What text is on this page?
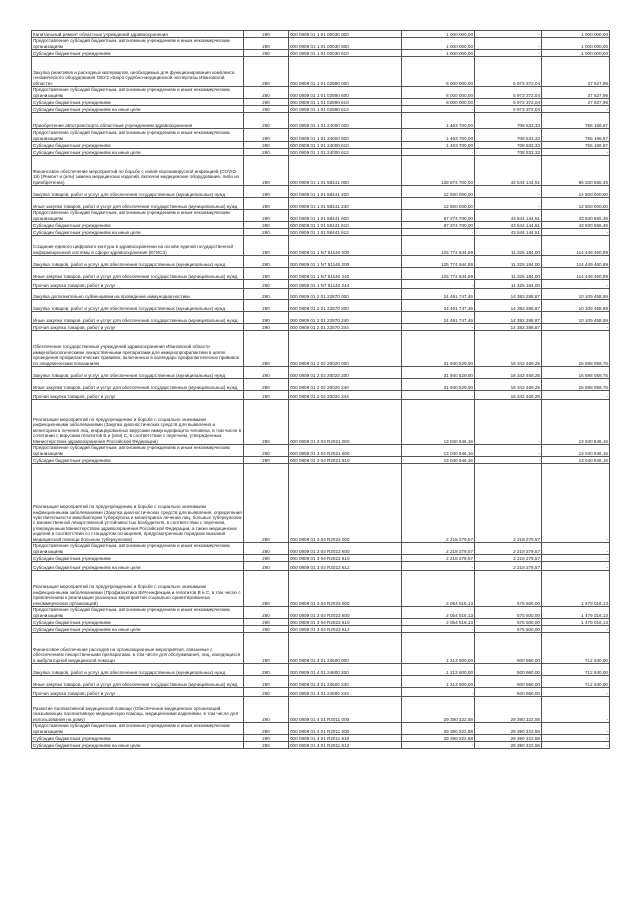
Капитальный ремонт областных учреждений здравоохранения	290	000 0909 01 1 01 00030 000	1 000 000,00	-	1 000 000,00
Предоставление субсидий бюджетным, автономным учреждениям и иным некоммерческим организациям	290	000 0909 01 1 01 00030 600	1 000 000,00	-	1 000 000,00
Субсидии бюджетным учреждениям	290	000 0909 01 1 01 00030 610	1 000 000,00	-	1 000 000,00
Закупка реактивов и расходных материалов, необходимых для функционирования комплекса геномического оборудования ОБУЗ «Бюро судебно-медицинской экспертизы Ивановской области»	290	000 0909 01 1 01 02890 000	6 000 000,00	5 972 372,04	27 627,96
Предоставление субсидий бюджетным, автономным учреждениям и иным некоммерческим организациям	290	000 0909 01 1 01 02890 600	6 000 000,00	5 972 372,04	27 627,96
Субсидии бюджетным учреждениям	290	000 0909 01 1 01 02890 610	6 000 000,00	5 972 372,04	27 627,96
Субсидии бюджетным учреждениям на иные цели	290	000 0909 01 1 01 02890 612	-	5 972 372,04	-
Приобретение автотранспорта областным учреждениям здравоохранения	290	000 0909 01 1 01 24000 000	1 463 700,00	708 533,33	755 166,67
Предоставление субсидий бюджетным, автономным учреждениям и иным некоммерческим организациям	290	000 0909 01 1 01 24000 600	1 463 700,00	708 533,33	755 166,67
Субсидии бюджетным учреждениям	290	000 0909 01 1 01 24000 610	1 463 700,00	708 533,33	755 166,67
Субсидии бюджетным учреждениям на иные цели	290	000 0909 01 1 01 24000 612	-	708 533,33	-
Финансовое обеспечение мероприятий по борьбе с новой коронавирусной инфекцией (COVID-19) (Ремонт и (или) замена медицинских изделий, включая медицинские оборудование, либо их приобретение)	290	000 0909 01 1 01 58441 000	139 874 700,00	43 544 144,51	96 330 555,49
Закупка товаров, работ и услуг для обеспечения государственных (муниципальных) нужд	290	000 0909 01 1 01 58441 200	12 500 000,00	-	12 500 000,00
Иные закупки товаров, работ и услуг для обеспечения государственных (муниципальных) нужд	290	000 0909 01 1 01 58441 240	12 500 000,00	-	12 500 000,00
Предоставление субсидий бюджетным, автономным учреждениям и иным некоммерческим организациям	290	000 0909 01 1 01 58441 600	87 374 700,00	43 544 144,51	43 830 555,49
Субсидии бюджетным учреждениям	290	000 0909 01 1 01 58441 610	87 374 700,00	43 544 144,51	43 830 555,49
Субсидии бюджетным учреждениям на иные цели	290	000 0909 01 1 01 58441 612	-	43 544 144,51	-
Создание единого цифрового контура в здравоохранении на основе единой государственной информационной системы в сфере здравоохранения (ЕГИСЗ)	290	000 0909 01 1 N7 51140 000	125 774 644,89	11 325 184,00	114 449 460,89
Закупка товаров, работ и услуг для обеспечения государственных (муниципальных) нужд	290	000 0909 01 1 N7 51140 200	125 774 644,89	11 325 184,00	114 449 460,89
Иные закупки товаров, работ и услуг для обеспечения государственных (муниципальных) нужд	290	000 0909 01 1 N7 51140 240	125 774 644,89	11 325 184,00	114 449 460,89
Прочая закупка товаров, работ и услуг	290	000 0909 01 1 N7 51140 244	-	11 325 184,00	-
Закупка дополнительно субвенциями на проведение иммунодиагностики	290	000 0909 01 2 01 22870 000	24 491 747,46	14 382 288,87	10 109 458,59
Закупка товаров, работ и услуг для обеспечения государственных (муниципальных) нужд	290	000 0909 01 2 01 22870 200	24 491 747,46	14 382 288,87	10 109 458,59
Иные закупки товаров, работ и услуг для обеспечения государственных (муниципальных) нужд	290	000 0909 01 2 01 22870 240	24 491 747,46	14 382 288,87	10 109 458,59
Прочая закупка товаров, работ и услуг	290	000 0909 01 2 01 22870 244	-	14 382 288,87	-
Обеспечение государственных учреждений здравоохранения Ивановской области иммунобиологическими лекарственными препаратами для иммунопрофилактики в целях проведения профилактических прививок, включенных в календарь профилактических прививок по эпидемическим показаниям	290	000 0909 01 2 02 20020 000	31 940 529,00	16 342 469,25	15 598 059,75
Закупка товаров, работ и услуг для обеспечения государственных (муниципальных) нужд	290	000 0909 01 2 02 20020 200	31 940 529,00	16 342 469,25	15 598 059,75
Иные закупки товаров, работ и услуг для обеспечения государственных (муниципальных) нужд	290	000 0909 01 2 02 20020 240	31 940 529,00	16 342 469,25	15 598 059,75
Прочая закупка товаров, работ и услуг	290	000 0909 01 2 02 20020 244	-	16 342 469,25	-
Реализация мероприятий по предупреждению и борьбе с социально значимыми инфекционными заболеваниями (Закупка диагностических средств для выявления и мониторинга лечения лиц, инфицированных вирусами иммунодефицита человека, в том числе в сочетании с вирусами гепатитов В и (или) С, в соответствии с перечнем, утвержденным Министерством здравоохранения Российской Федерации)	290	000 0909 01 3 04 R2021 000	13 040 646,16	-	13 040 646,16
Предоставление субсидий бюджетным, автономным учреждениям и иным некоммерческим организациям	290	000 0909 01 3 04 R2021 600	13 040 646,16	-	13 040 646,16
Субсидии бюджетным учреждениям	290	000 0909 01 3 04 R2021 610	13 040 646,16	-	13 040 646,16
Реализация мероприятий по предупреждению и борьбе с социально значимыми инфекционными заболеваниями (Закупка диагностических средств для выявления, определения чувствительности микобактерии туберкулеза и мониторинга лечения лиц, больных туберкулезом с множественной лекарственной устойчивостью возбудителя, в соответствии с перечнем, утвержденным Министерством здравоохранения Российской Федерации, а также медицинских изделий в соответствии со стандартом оснащения, предусмотренным порядком оказания медицинской помощи больным туберкулезом)	290	000 0909 01 3 04 R2022 000	2 218 279,57	2 218 279,57	-
Предоставление субсидий бюджетным, автономным учреждениям и иным некоммерческим организациям	290	000 0909 01 3 04 R2022 600	2 218 279,57	2 218 279,57	-
Субсидии бюджетным учреждениям	290	000 0909 01 3 04 R2022 610	2 218 279,57	2 218 279,57	-
Субсидии бюджетным учреждениям на иные цели	290	000 0909 01 3 04 R2022 612	-	2 218 279,57	-
Реализация мероприятий по предупреждению и борьбе с социально значимыми инфекционными заболеваниями (Профилактика ВИЧ-инфекции и гепатитов В и С, в том числе с привлечением к реализации указанных мероприятий социально ориентированных некоммерческих организаций)	290	000 0909 01 3 04 R2023 000	2 054 516,13	575 500,00	1 479 016,13
Предоставление субсидий бюджетным, автономным учреждениям и иным некоммерческим организациям	290	000 0909 01 3 04 R2023 600	2 054 516,13	575 500,00	1 479 016,13
Субсидии бюджетным учреждениям	290	000 0909 01 3 04 R2023 610	2 054 516,13	575 500,00	1 479 016,13
Субсидии бюджетным учреждениям на иные цели	290	000 0909 01 3 04 R2023 612	-	575 500,00	-
Финансовое обеспечение расходов на организационные мероприятия, связанные с обеспечением лекарственными препаратами, в том числе для обслуживания, лиц, находящихся в амбулаторной медицинской помощи	290	000 0909 01 4 01 24600 000	1 213 600,00	500 960,00	712 640,00
Закупка товаров, работ и услуг для обеспечения государственных (муниципальных) нужд	290	000 0909 01 4 01 24600 200	1 213 600,00	500 960,00	712 640,00
Иные закупки товаров, работ и услуг для обеспечения государственных (муниципальных) нужд	290	000 0909 01 4 01 24600 240	1 213 600,00	500 960,00	712 640,00
Прочая закупка товаров, работ и услуг	290	000 0909 01 4 01 24600 244	-	500 960,00	-
Развитие паллиативной медицинской помощи (Обеспечение медицинских организаций, оказывающих паллиативную медицинскую помощь, медицинскими изделиями, в том числе для использования на дому)	290	000 0909 01 4 01 R2011 000	29 390 322,58	29 390 322,58	-
Предоставление субсидий бюджетным, автономным учреждениям и иным некоммерческим организациям	290	000 0909 01 4 01 R2011 600	29 390 322,58	29 390 322,58	-
Субсидии бюджетным учреждениям	290	000 0909 01 4 01 R2011 610	29 390 322,58	29 390 322,58	-
Субсидии бюджетным учреждениям на иные цели	290	000 0909 01 4 01 R2011 612	-	29 390 322,58	-
